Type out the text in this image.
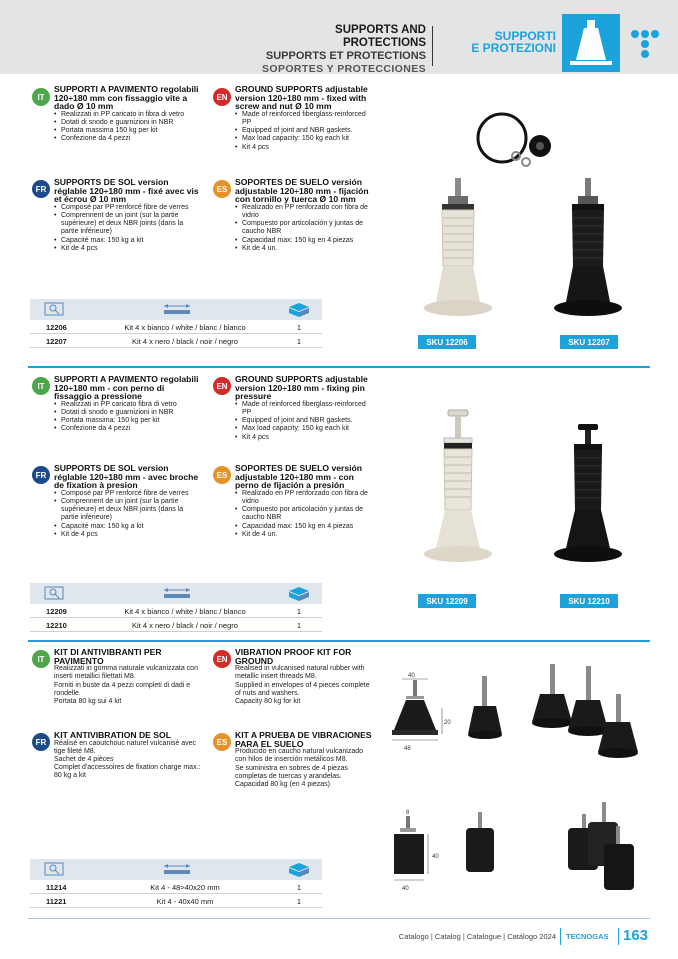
SUPPORTS AND PROTECTIONS
SUPPORTS ET PROTECTIONS
SOPORTES Y PROTECCIONES
SUPPORTI
E PROTEZIONI
IT
SUPPORTI A PAVIMENTO regolabili 120÷180 mm con fissaggio vite a dado Ø 10 mm
• Realizzati in PP caricato in fibra di vetro
• Dotati di snodo e guarnizioni in NBR
• Portata massima 150 kg per kit
• Confezione da 4 pezzi
EN
GROUND SUPPORTS adjustable version 120÷180 mm - fixed with screw and nut Ø 10 mm
• Made of reinforced fiberglass-reinforced PP
• Equipped of joint and NBR gaskets.
• Max load capacity: 150 kg each kit
• Kit 4 pcs
FR
SUPPORTS DE SOL version réglable 120÷180 mm - fixé avec vis et écrou Ø 10 mm
• Composé par PP renforcé fibre de verres
• Comprennent de un joint (sur la partie supérieure) et deux NBR joints (dans la partie inférieure)
• Capacité max: 150 kg a kit
• Kit de 4 pcs
ES
SOPORTES DE SUELO versión adjustable 120÷180 mm - fijación con tornillo y tuerca Ø 10 mm
• Realizado en PP renforzado con fibra de vidrio
• Compuesto por articolación y juntas de caucho NBR
• Capacidad max: 150 kg en 4 piezas
• Kit de 4 un.
12206	Kit 4 x bianco / white / blanc / blanco	1
12207	Kit 4 x nero / black / noir / negro	1	SKU 12206	SKU 12207
IT
SUPPORTI A PAVIMENTO regolabili 120÷180 mm - con perno di fissaggio a pressione
• Realizzati in PP caricato fibra di vetro
• Dotati di snodo e guarnizioni in NBR
• Portata massima: 150 kg per kit
• Confezione da 4 pezzi
EN
GROUND SUPPORTS adjustable version 120÷180 mm - fixing pin pressure
• Made of reinforced fiberglass-reinforced PP
• Equipped of joint and NBR gaskets.
• Max load capacity: 150 kg each kit
• Kit 4 pcs
FR
SUPPORTS DE SOL version réglable 120÷180 mm - avec broche de fixation à presion
• Composé par PP renforcé fibre de verres
• Comprennent de un joint (sur la partie supérieure) et deux NBR joints (dans la partie inférieure)
• Capacité max: 150 kg a kit
• Kit de 4 pcs
ES
SOPORTES DE SUELO versión adjustable 120÷180 mm - con perno de fijación a presión
• Realizado en PP renforzado con fibra de vidrio
• Compuesto por articolación y juntas de caucho NBR
• Capacidad max: 150 kg en 4 piezas
• Kit de 4 un.
12209	Kit 4 x bianco / white / blanc / blanco	1
12210	Kit 4 x nero / black / noir / negro	1
SKU 12209	SKU 12210
IT
KIT DI ANTIVIBRANTI PER PAVIMENTO
Realizzati in gomma naturale vulcanizzata con inserti metallici filettati M8.
Forniti in buste da 4 pezzi completi di dadi e rondelle.
Portata 80 kg sui 4 kit
EN
VIBRATION PROOF KIT FOR GROUND
Realised in vulcanised natural rubber with metallic insert threads M8.
Supplied in envelopes of 4 pieces complete of nuts and washers.
Capacity 80 kg for kit
FR
KIT ANTIVIBRATION DE SOL
Réalisé en caoutchouc naturel vulcanisé avec tige fileté M8.
Sachet de 4 pièces
Complet d'accessoires de fixation charge max.: 80 kg a kit
ES
KIT A PRUEBA DE VIBRACIONES PARA EL SUELO
Producido en caucho natural vulcanizado con hilos de inserción metálicos M8.
Se suministra en sobres de 4 piezas completas de tuercas y arandelas.
Capacidad 80 kg (en 4 piezas)
11214	Kit 4 - 48>40x20 mm	1
11221	Kit 4 - 40x40 mm	1
40
20
48
8
40
40
Catalogo | Catalog | Catalogue | Catálogo 2024 TECNOGAS 163
